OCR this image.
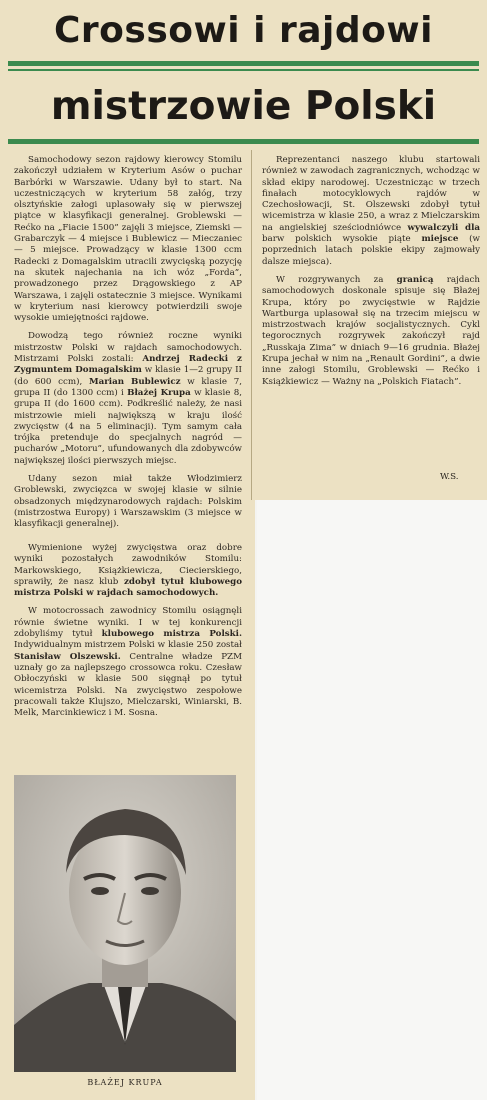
Crossowi i rajdowi
mistrzowie Polski

Samochodowy sezon rajdowy kierowcy Stomilu zakończył udziałem w Kryterium Asów o puchar Barbórki w Warszawie. Udany był to start. Na uczestniczących w kryterium 58 załóg, trzy olsztyńskie załogi uplasowały się w pierwszej piątce w klasyfikacji generalnej. Groblewski — Rećko na „Fiacie 1500” zajęli 3 miejsce, Ziemski — Grabarczyk — 4 miejsce i Bublewicz — Mieczaniec — 5 miejsce. Prowadzący w klasie 1300 ccm Radecki z Domagalskim utracili zwycięską pozycję na skutek najechania na ich wóz „Forda”, prowadzonego przez Drągowskiego z AP Warszawa, i zajęli ostatecznie 3 miejsce. Wynikami w kryterium nasi kierowcy potwierdzili swoje wysokie umiejętności rajdowe.

Dowodzą tego również roczne wyniki mistrzostw Polski w rajdach samochodowych. Mistrzami Polski zostali: Andrzej Radecki z Zygmuntem Domagalskim w klasie 1—2 grupy II (do 600 ccm), Marian Bublewicz w klasie 7, grupa II (do 1300 ccm) i Błażej Krupa w klasie 8, grupa II (do 1600 ccm). Podkreślić należy, że nasi mistrzowie mieli największą w kraju ilość zwycięstw (4 na 5 eliminacji). Tym samym cała trójka pretenduje do specjalnych nagród — pucharów „Motoru”, ufundowanych dla zdobywców największej ilości pierwszych miejsc.

Udany sezon miał także Włodzimierz Groblewski, zwycięzca w swojej klasie w silnie obsadzonych międzynarodowych rajdach: Polskim (mistrzostwa Europy) i Warszawskim (3 miejsce w klasyfikacji generalnej).

Wymienione wyżej zwycięstwa oraz dobre wyniki pozostałych zawodników Stomilu: Markowskiego, Książkiewicza, Ciecierskiego, sprawiły, że nasz klub zdobył tytuł klubowego mistrza Polski w rajdach samochodowych.

W motocrossach zawodnicy Stomilu osiągnęli równie świetne wyniki. I w tej konkurencji zdobyliśmy tytuł klubowego mistrza Polski. Indywidualnym mistrzem Polski w klasie 250 został Stanisław Olszewski. Centralne władze PZM uznały go za najlepszego crossowca roku. Czesław Obłoczyński w klasie 500 sięgnął po tytuł wicemistrza Polski. Na zwycięstwo zespołowe pracowali także Klujszo, Mielczarski, Winiarski, B. Melk, Marcinkiewicz i M. Sosna.

Reprezentanci naszego klubu startowali również w zawodach zagranicznych, wchodząc w skład ekipy narodowej. Uczestnicząc w trzech finałach motocyklowych rajdów w Czechosłowacji, St. Olszewski zdobył tytuł wicemistrza w klasie 250, a wraz z Mielczarskim na angielskiej sześciodniówce wywalczyli dla barw polskich wysokie piąte miejsce (w poprzednich latach polskie ekipy zajmowały dalsze miejsca).

W rozgrywanych za granicą rajdach samochodowych doskonale spisuje się Błażej Krupa, który po zwycięstwie w Rajdzie Wartburga uplasował się na trzecim miejscu w mistrzostwach krajów socjalistycznych. Cykl tegorocznych rozgrywek zakończył rajd „Russkaja Zima” w dniach 9—16 grudnia. Błażej Krupa jechał w nim na „Renault Gordini”, a dwie inne załogi Stomilu, Groblewski — Rećko i Książkiewicz — Ważny na „Polskich Fiatach”.

W.S.
BŁAŻEJ KRUPA
